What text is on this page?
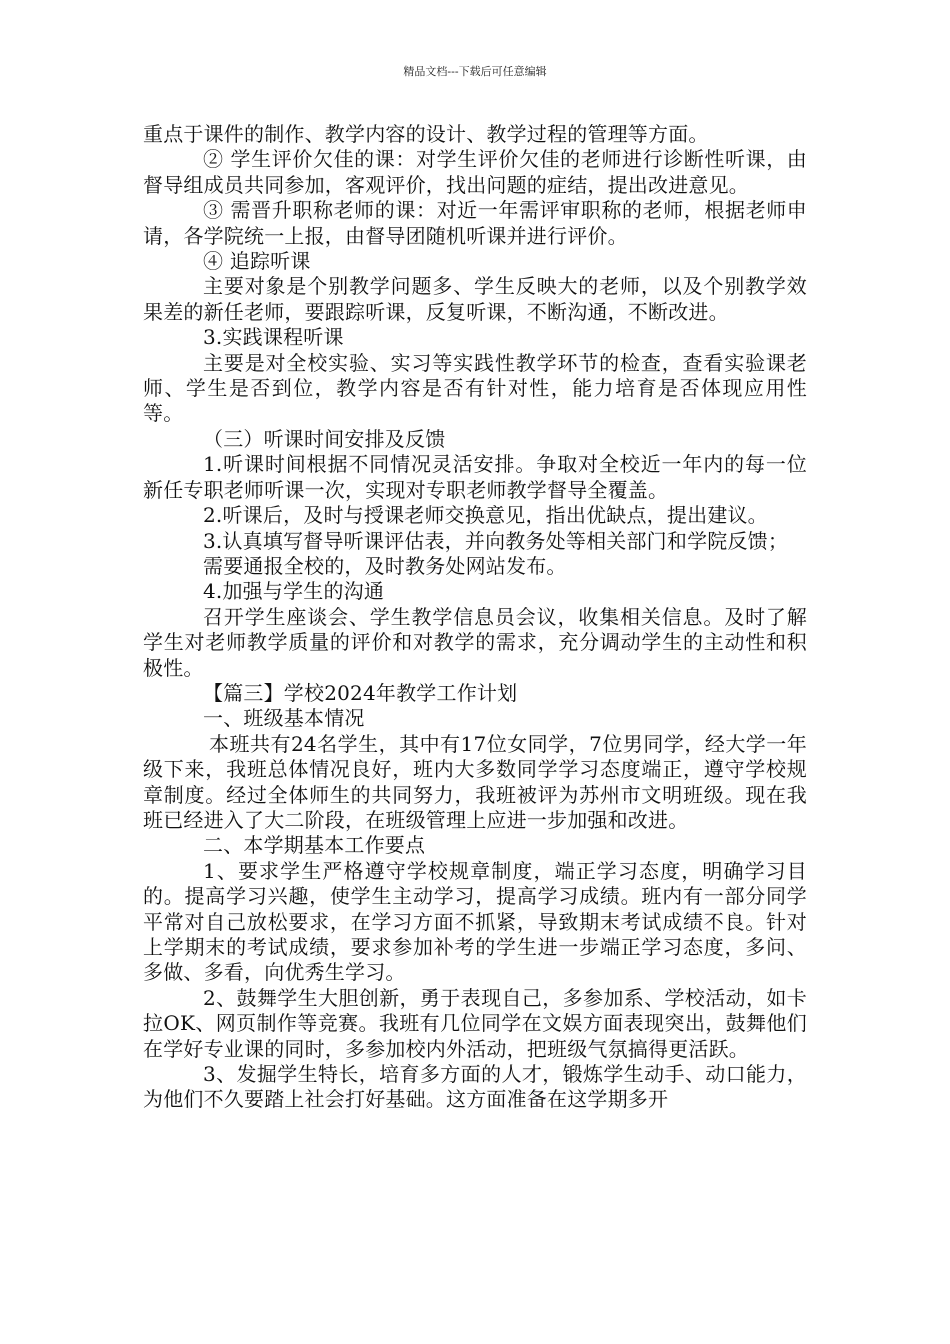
精品文档---下载后可任意编辑

重点于课件的制作、教学内容的设计、教学过程的管理等方面。

② 学生评价欠佳的课：对学生评价欠佳的老师进行诊断性听课，由督导组成员共同参加，客观评价，找出问题的症结，提出改进意见。

③ 需晋升职称老师的课：对近一年需评审职称的老师，根据老师申请，各学院统一上报，由督导团随机听课并进行评价。

④ 追踪听课

主要对象是个别教学问题多、学生反映大的老师，以及个别教学效果差的新任老师，要跟踪听课，反复听课，不断沟通，不断改进。

3.实践课程听课

主要是对全校实验、实习等实践性教学环节的检查，查看实验课老师、学生是否到位，教学内容是否有针对性，能力培育是否体现应用性等。

（三）听课时间安排及反馈

1.听课时间根据不同情况灵活安排。争取对全校近一年内的每一位新任专职老师听课一次，实现对专职老师教学督导全覆盖。

2.听课后，及时与授课老师交换意见，指出优缺点，提出建议。

3.认真填写督导听课评估表，并向教务处等相关部门和学院反馈；

需要通报全校的，及时教务处网站发布。

4.加强与学生的沟通

召开学生座谈会、学生教学信息员会议，收集相关信息。及时了解学生对老师教学质量的评价和对教学的需求，充分调动学生的主动性和积极性。

【篇三】学校2024年教学工作计划

一、班级基本情况

本班共有24名学生，其中有17位女同学，7位男同学，经大学一年级下来，我班总体情况良好，班内大多数同学学习态度端正，遵守学校规章制度。经过全体师生的共同努力，我班被评为苏州市文明班级。现在我班已经进入了大二阶段，在班级管理上应进一步加强和改进。

二、本学期基本工作要点

1、要求学生严格遵守学校规章制度，端正学习态度，明确学习目的。提高学习兴趣，使学生主动学习，提高学习成绩。班内有一部分同学平常对自己放松要求，在学习方面不抓紧，导致期末考试成绩不良。针对上学期末的考试成绩，要求参加补考的学生进一步端正学习态度，多问、多做、多看，向优秀生学习。

2、鼓舞学生大胆创新，勇于表现自己，多参加系、学校活动，如卡拉OK、网页制作等竞赛。我班有几位同学在文娱方面表现突出，鼓舞他们在学好专业课的同时，多参加校内外活动，把班级气氛搞得更活跃。

3、发掘学生特长，培育多方面的人才，锻炼学生动手、动口能力，为他们不久要踏上社会打好基础。这方面准备在这学期多开
